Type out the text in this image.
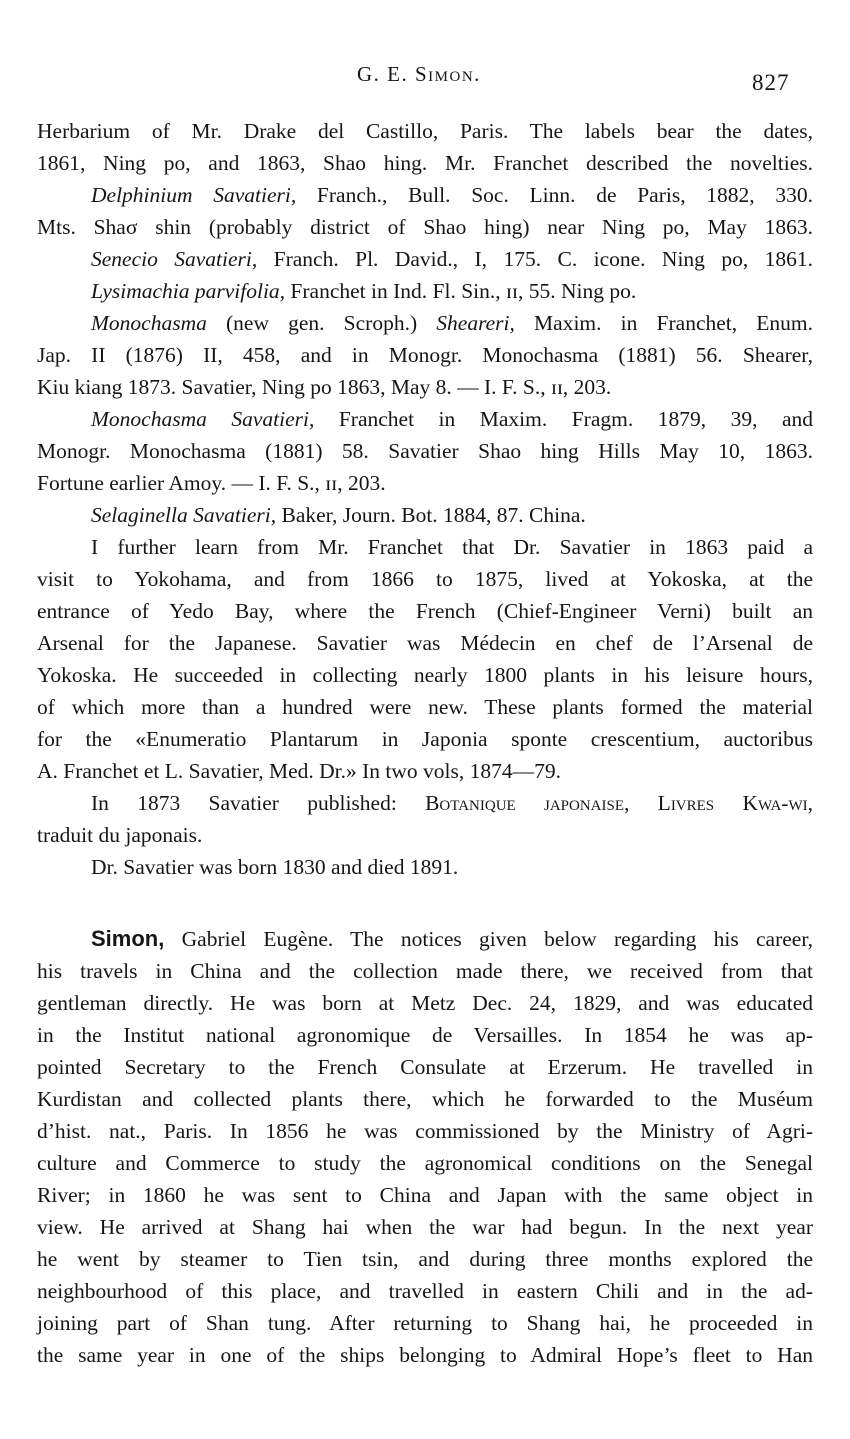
G. E. Simon.	827
Herbarium of Mr. Drake del Castillo, Paris. The labels bear the dates,
1861, Ning po, and 1863, Shao hing. Mr. Franchet described the novelties.
Delphinium Savatieri, Franch., Bull. Soc. Linn. de Paris, 1882, 330.
Mts. Shaσ shin (probably district of Shao hing) near Ning po, May 1863.
Senecio Savatieri, Franch. Pl. David., I, 175. C. icone. Ning po, 1861.
Lysimachia parvifolia, Franchet in Ind. Fl. Sin., ɪɪ, 55. Ning po.
Monochasma (new gen. Scroph.) Sheareri, Maxim. in Franchet, Enum.
Jap. II (1876) II, 458, and in Monogr. Monochasma (1881) 56. Shearer,
Kiu kiang 1873. Savatier, Ning po 1863, May 8. — I. F. S., ɪɪ, 203.
Monochasma Savatieri, Franchet in Maxim. Fragm. 1879, 39, and
Monogr. Monochasma (1881) 58. Savatier Shao hing Hills May 10, 1863.
Fortune earlier Amoy. — I. F. S., ɪɪ, 203.
Selaginella Savatieri, Baker, Journ. Bot. 1884, 87. China.
I further learn from Mr. Franchet that Dr. Savatier in 1863 paid a
visit to Yokohama, and from 1866 to 1875, lived at Yokoska, at the
entrance of Yedo Bay, where the French (Chief-Engineer Verni) built an
Arsenal for the Japanese. Savatier was Médecin en chef de l’Arsenal de
Yokoska. He succeeded in collecting nearly 1800 plants in his leisure hours,
of which more than a hundred were new. These plants formed the material
for the «Enumeratio Plantarum in Japonia sponte crescentium, auctoribus
A. Franchet et L. Savatier, Med. Dr.» In two vols, 1874—79.
In 1873 Savatier published: Botanique japonaise, Livres Kwa-wi,
traduit du japonais.
Dr. Savatier was born 1830 and died 1891.
Simon, Gabriel Eugène. The notices given below regarding his career,
his travels in China and the collection made there, we received from that
gentleman directly. He was born at Metz Dec. 24, 1829, and was educated
in the Institut national agronomique de Versailles. In 1854 he was ap-
pointed Secretary to the French Consulate at Erzerum. He travelled in
Kurdistan and collected plants there, which he forwarded to the Muséum
d’hist. nat., Paris. In 1856 he was commissioned by the Ministry of Agri-
culture and Commerce to study the agronomical conditions on the Senegal
River; in 1860 he was sent to China and Japan with the same object in
view. He arrived at Shang hai when the war had begun. In the next year
he went by steamer to Tien tsin, and during three months explored the
neighbourhood of this place, and travelled in eastern Chili and in the ad-
joining part of Shan tung. After returning to Shang hai, he proceeded in
the same year in one of the ships belonging to Admiral Hope’s fleet to Han
